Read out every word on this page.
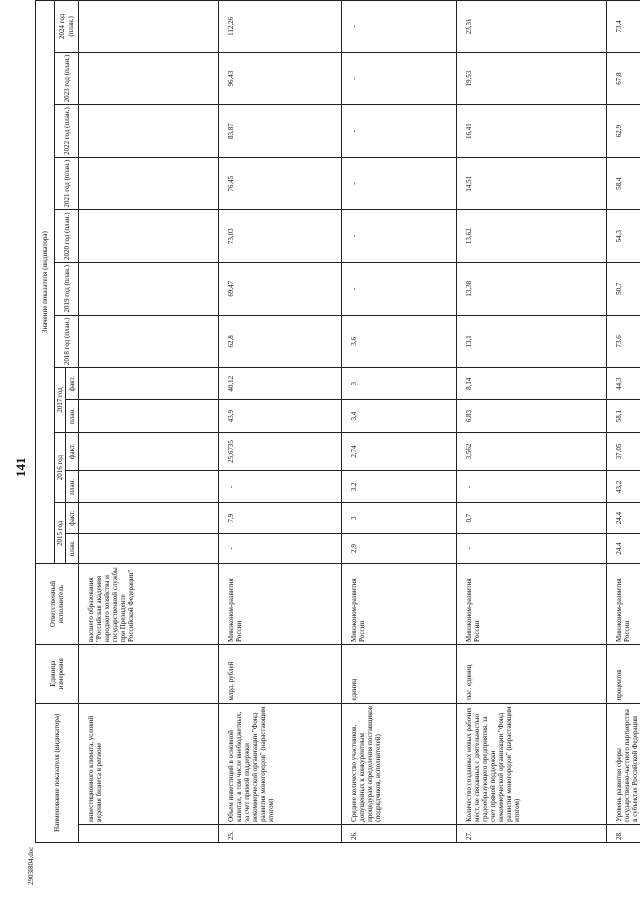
2903l804.doc
141
Наименование показателя (индикатора)		Единица измерения	Ответственный исполнитель	Значение показателя (индикатора)												
				2015 год		2016 год		2017 год		2018 год (план.)	2019 год (план.)	2020 год (план.)	2021 год (план.)	2022 год (план.)	2023 год (план.)	2024 год (план.)
				план.	факт.	план.	факт.	план.	факт.							
	инвестиционного климата, условий ведения бизнеса в регионе		высшего образования "Российская академия народного хозяйства и государственной службы при Президенте Российской Федерации"													
25.	Объем инвестиций в основной капитал, в том числе внебюджетных, за счет прямой поддержки некоммерческой организации "Фонд развития моногородов" (нарастающим итогом)	млрд. рублей	Минэконом-развития России	-	7,9	-	25,6735	43,9	40,12	62,8	69,47	73,03	76,45	83,87	96,43	112,26
26.	Среднее количество участников, допущенных к конкурентным процедурам определения поставщиков (подрядчиков, исполнителей)	единиц	Минэконом-развития России	2,9	3	3,2	2,74	3,4	3	3,6	-	-	-	-	-	-
27.	Количество созданных новых рабочих мест, не связанных с деятельностью градообразующего предприятия, за счет прямой поддержки некоммерческой организации "Фонд развития моногородов" (нарастающим итогом)	тыс. единиц	Минэконом-развития России	-	0,7	-	3,562	6,83	8,14	13,1	13,38	13,62	14,51	16,41	19,53	23,31
28.	Уровень развития сферы государственно-частного партнерства в субъектах Российской Федерации	процентов	Минэконом-развития России	24,4	24,4	43,2	37,05	58,1	44,3	73,6	50,7	54,3	58,4	62,9	67,8	73,4
